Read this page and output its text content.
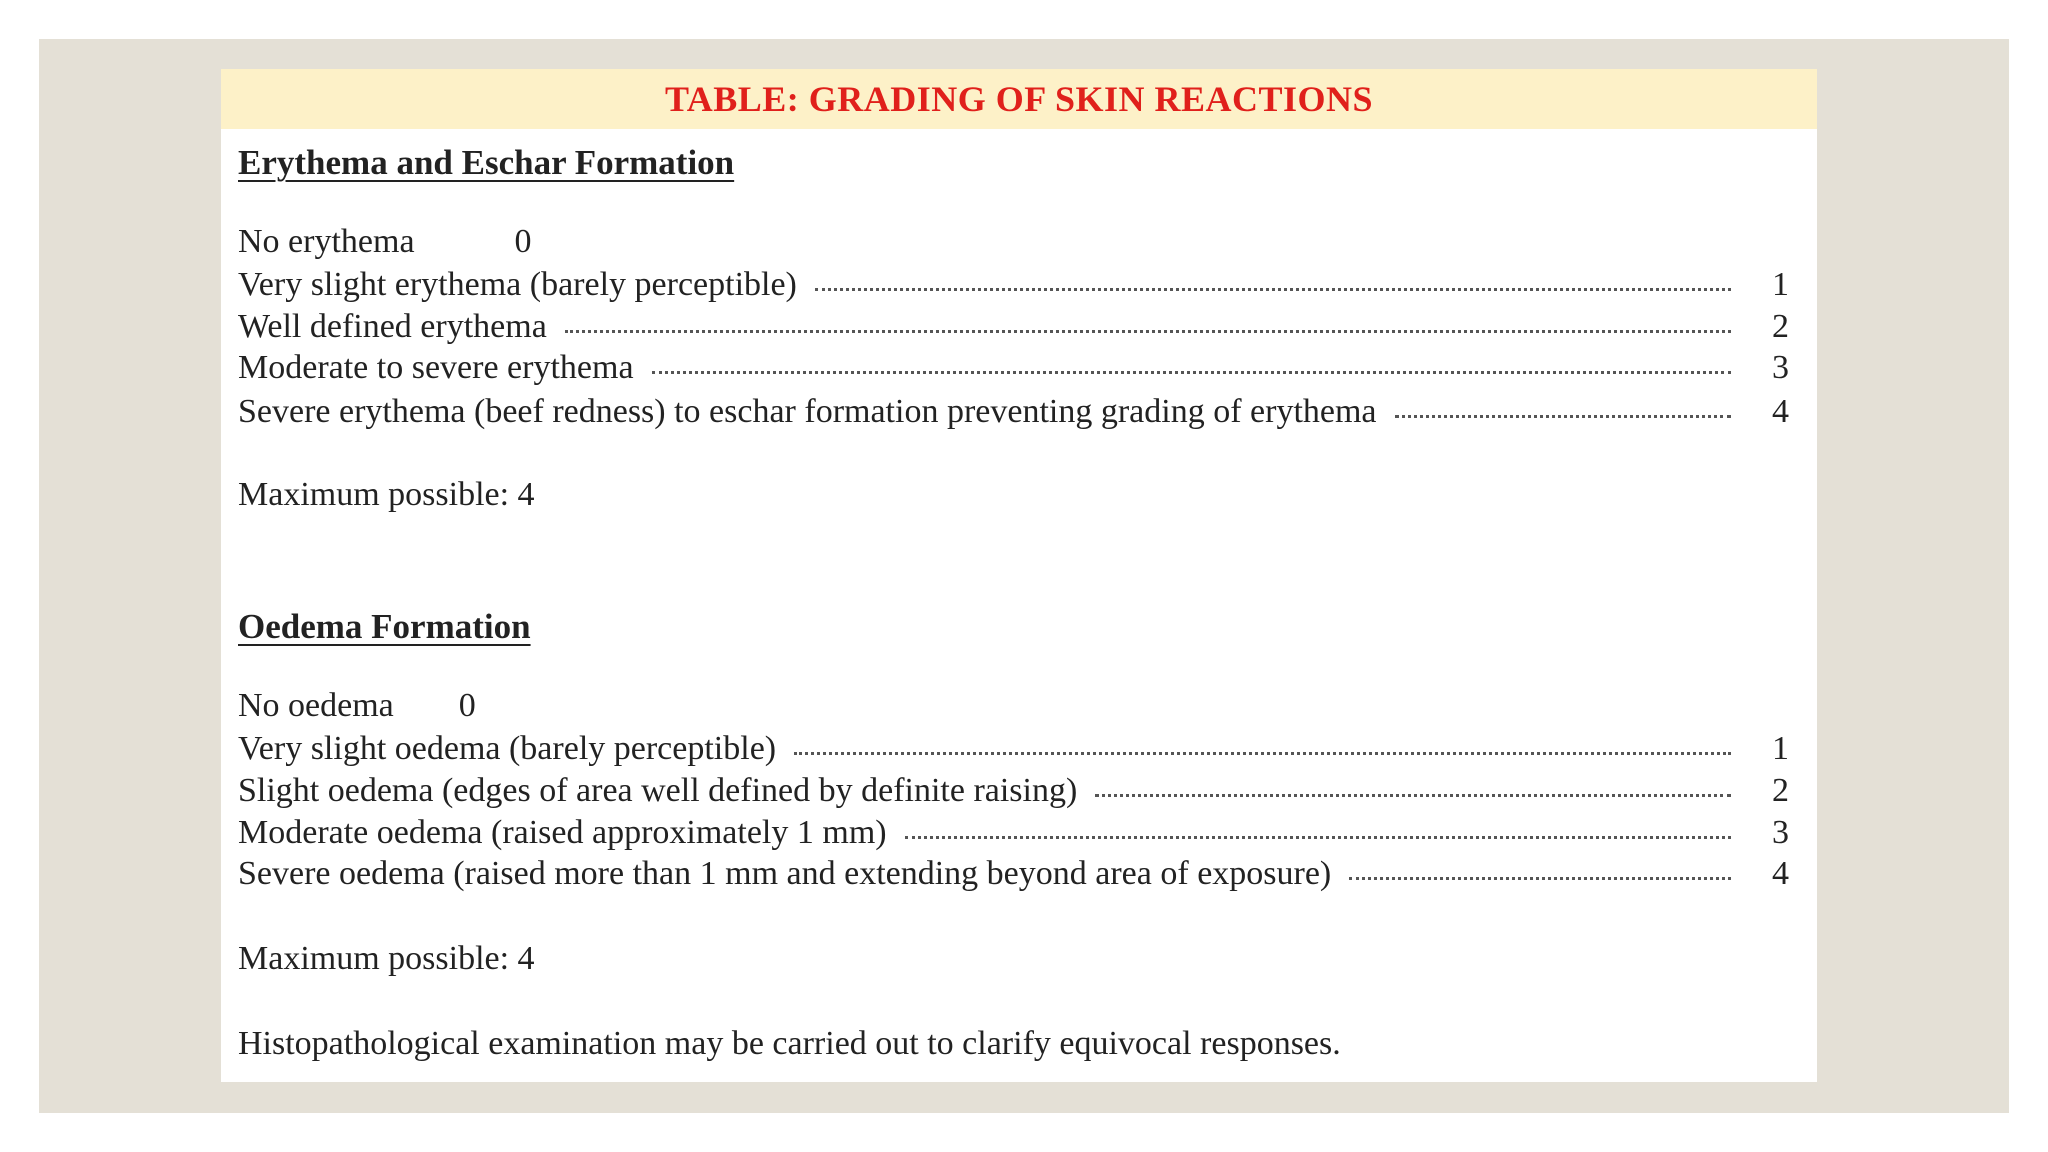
TABLE: GRADING OF SKIN REACTIONS
Erythema and Eschar Formation
No erythema	0
Very slight erythema (barely perceptible)	1
Well defined erythema	2
Moderate to severe erythema	3
Severe erythema (beef redness) to eschar formation preventing grading of erythema	4
Maximum possible: 4
Oedema Formation
No oedema 0
Very slight oedema (barely perceptible)	1
Slight oedema (edges of area well defined by definite raising)	2
Moderate oedema (raised approximately 1 mm)	3
Severe oedema (raised more than 1 mm and extending beyond area of exposure)	4
Maximum possible: 4
Histopathological examination may be carried out to clarify equivocal responses.
